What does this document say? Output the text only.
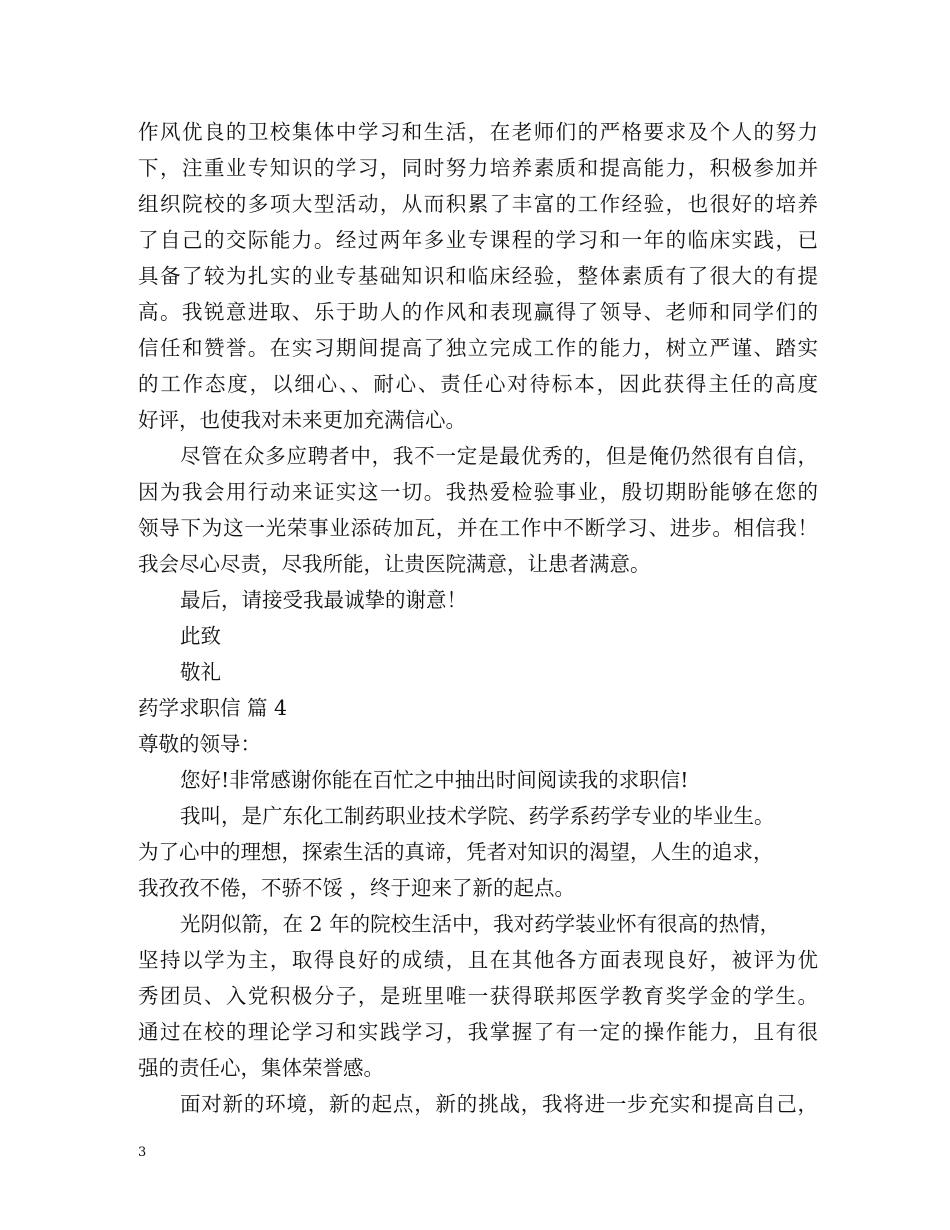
作风优良的卫校集体中学习和生活，在老师们的严格要求及个人的努力
下，注重业专知识的学习，同时努力培养素质和提高能力，积极参加并
组织院校的多项大型活动，从而积累了丰富的工作经验，也很好的培养
了自己的交际能力。经过两年多业专课程的学习和一年的临床实践，已
具备了较为扎实的业专基础知识和临床经验，整体素质有了很大的有提
高。我锐意进取、乐于助人的作风和表现赢得了领导、老师和同学们的
信任和赞誉。在实习期间提高了独立完成工作的能力，树立严谨、踏实
的工作态度，以细心、、耐心、责任心对待标本，因此获得主任的高度
好评，也使我对未来更加充满信心。
尽管在众多应聘者中，我不一定是最优秀的，但是俺仍然很有自信，
因为我会用行动来证实这一切。我热爱检验事业，殷切期盼能够在您的
领导下为这一光荣事业添砖加瓦，并在工作中不断学习、进步。相信我！
我会尽心尽责，尽我所能，让贵医院满意，让患者满意。
最后，请接受我最诚挚的谢意！
此致
敬礼
药学求职信 篇 4
尊敬的领导：
您好!非常感谢你能在百忙之中抽出时间阅读我的求职信!
我叫，是广东化工制药职业技术学院、药学系药学专业的毕业生。
为了心中的理想，探索生活的真谛，凭者对知识的渴望，人生的追求，
我孜孜不倦，不骄不馁 ，终于迎来了新的起点。
光阴似箭，在 2 年的院校生活中，我对药学装业怀有很高的热情，
坚持以学为主，取得良好的成绩，且在其他各方面表现良好，被评为优
秀团员、入党积极分子，是班里唯一获得联邦医学教育奖学金的学生。
通过在校的理论学习和实践学习，我掌握了有一定的操作能力，且有很
强的责任心，集体荣誉感。
面对新的环境，新的起点，新的挑战，我将进一步充实和提高自己，
3
